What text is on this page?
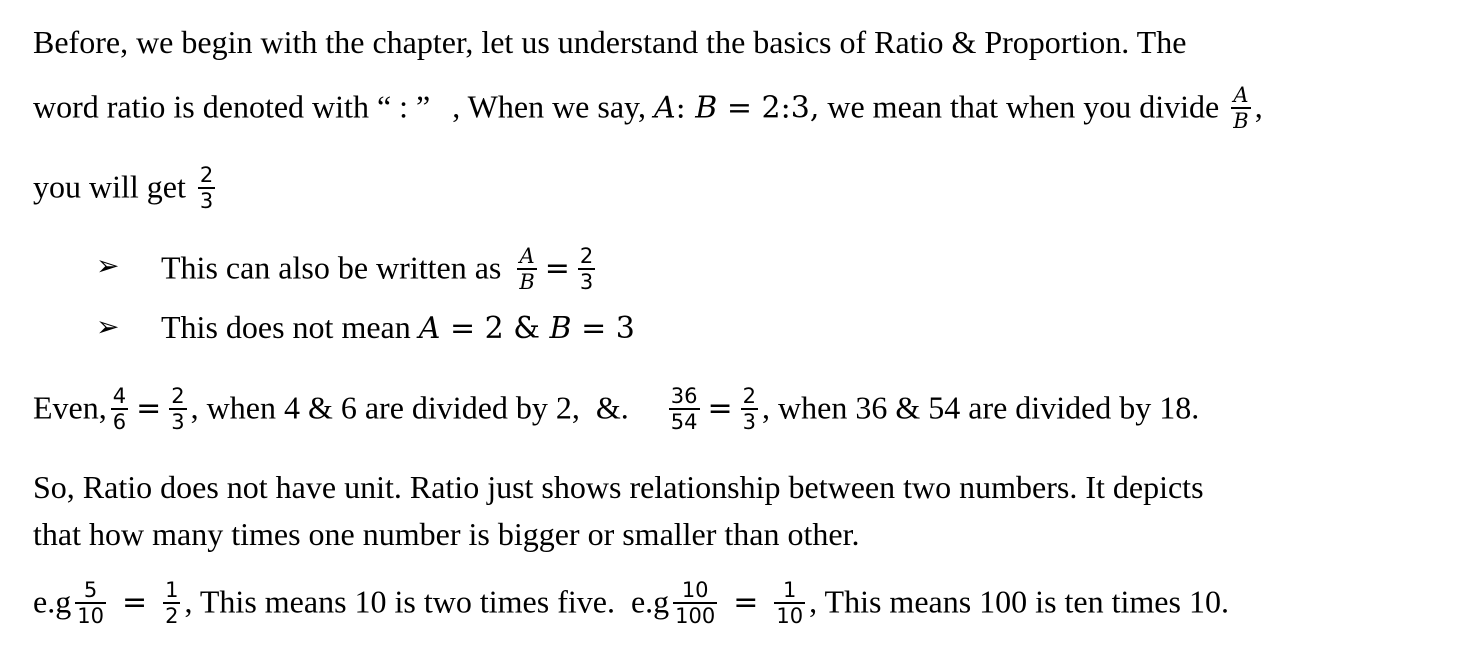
Before, we begin with the chapter, let us understand the basics of Ratio & Proportion. The
word ratio is denoted with “ : ” , When we say, A: B = 2:3, we mean that when you divide $\frac{A}{B}$ ,
you will get $\frac{2}{3}$
➢ This can also be written as $\frac{A}{B} = \frac{2}{3}$
➢ This does not mean A = 2 & B = 3
Even, $\frac{4}{6} = \frac{2}{3}$ , when 4 & 6 are divided by 2,  &. $\frac{36}{54} = \frac{2}{3}$ , when 36 & 54 are divided by 18.
So, Ratio does not have unit. Ratio just shows relationship between two numbers. It depicts
that how many times one number is bigger or smaller than other.
$e.g \frac{5}{10} = \frac{1}{2}$ , This means 10 is two times five.  $e.g \frac{10}{100} = \frac{1}{10}$ , This means 100 is ten times 10.
